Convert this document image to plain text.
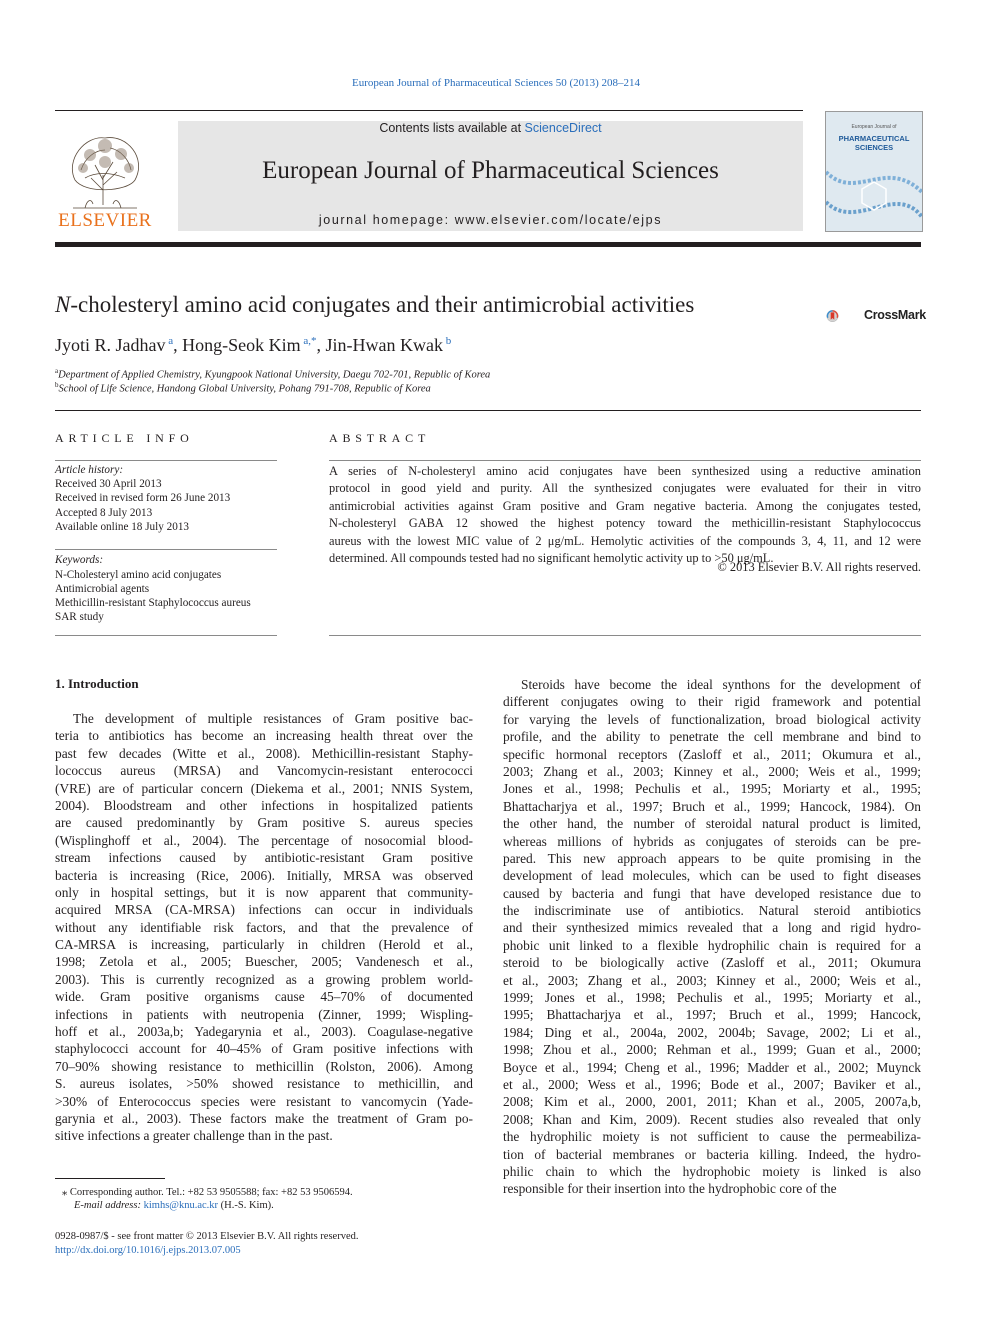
European Journal of Pharmaceutical Sciences 50 (2013) 208–214
ELSEVIER
Contents lists available at ScienceDirect
European Journal of Pharmaceutical Sciences
journal homepage: www.elsevier.com/locate/ejps
European Journal of
PHARMACEUTICAL SCIENCES
N-cholesteryl amino acid conjugates and their antimicrobial activities	CrossMark
Jyoti R. Jadhav $^a$, Hong-Seok Kim $^{a,*}$, Jin-Hwan Kwak $^b$
$^a$Department of Applied Chemistry, Kyungpook National University, Daegu 702-701, Republic of Korea
$^b$School of Life Science, Handong Global University, Pohang 791-708, Republic of Korea
ARTICLE INFO
Article history:
Received 30 April 2013
Received in revised form 26 June 2013
Accepted 8 July 2013
Available online 18 July 2013
Keywords:
N-Cholesteryl amino acid conjugates
Antimicrobial agents
Methicillin-resistant Staphylococcus aureus
SAR study
ABSTRACT
A series of N-cholesteryl amino acid conjugates have been synthesized using a reductive amination
protocol in good yield and purity. All the synthesized conjugates were evaluated for their in vitro
antimicrobial activities against Gram positive and Gram negative bacteria. Among the conjugates tested,
N-cholesteryl GABA 12 showed the highest potency toward the methicillin-resistant Staphylococcus
aureus with the lowest MIC value of 2 μg/mL. Hemolytic activities of the compounds 3, 4, 11, and 12 were
determined. All compounds tested had no significant hemolytic activity up to >50 μg/mL.
© 2013 Elsevier B.V. All rights reserved.
1. Introduction
The development of multiple resistances of Gram positive bac-
teria to antibiotics has become an increasing health threat over the
past few decades (Witte et al., 2008). Methicillin-resistant Staphy-
lococcus aureus (MRSA) and Vancomycin-resistant enterococci
(VRE) are of particular concern (Diekema et al., 2001; NNIS System,
2004). Bloodstream and other infections in hospitalized patients
are caused predominantly by Gram positive S. aureus species
(Wisplinghoff et al., 2004). The percentage of nosocomial blood-
stream infections caused by antibiotic-resistant Gram positive
bacteria is increasing (Rice, 2006). Initially, MRSA was observed
only in hospital settings, but it is now apparent that community-
acquired MRSA (CA-MRSA) infections can occur in individuals
without any identifiable risk factors, and that the prevalence of
CA-MRSA is increasing, particularly in children (Herold et al.,
1998; Zetola et al., 2005; Buescher, 2005; Vandenesch et al.,
2003). This is currently recognized as a growing problem world-
wide. Gram positive organisms cause 45–70% of documented
infections in patients with neutropenia (Zinner, 1999; Wispling-
hoff et al., 2003a,b; Yadegarynia et al., 2003). Coagulase-negative
staphylococci account for 40–45% of Gram positive infections with
70–90% showing resistance to methicillin (Rolston, 2006). Among
S. aureus isolates, >50% showed resistance to methicillin, and
>30% of Enterococcus species were resistant to vancomycin (Yade-
garynia et al., 2003). These factors make the treatment of Gram po-
sitive infections a greater challenge than in the past.
Steroids have become the ideal synthons for the development of
different conjugates owing to their rigid framework and potential
for varying the levels of functionalization, broad biological activity
profile, and the ability to penetrate the cell membrane and bind to
specific hormonal receptors (Zasloff et al., 2011; Okumura et al.,
2003; Zhang et al., 2003; Kinney et al., 2000; Weis et al., 1999;
Jones et al., 1998; Pechulis et al., 1995; Moriarty et al., 1995;
Bhattacharjya et al., 1997; Bruch et al., 1999; Hancock, 1984). On
the other hand, the number of steroidal natural product is limited,
whereas millions of hybrids as conjugates of steroids can be pre-
pared. This new approach appears to be quite promising in the
development of lead molecules, which can be used to fight diseases
caused by bacteria and fungi that have developed resistance due to
the indiscriminate use of antibiotics. Natural steroid antibiotics
and their synthesized mimics revealed that a long and rigid hydro-
phobic unit linked to a flexible hydrophilic chain is required for a
steroid to be biologically active (Zasloff et al., 2011; Okumura
et al., 2003; Zhang et al., 2003; Kinney et al., 2000; Weis et al.,
1999; Jones et al., 1998; Pechulis et al., 1995; Moriarty et al.,
1995; Bhattacharjya et al., 1997; Bruch et al., 1999; Hancock,
1984; Ding et al., 2004a, 2002, 2004b; Savage, 2002; Li et al.,
1998; Zhou et al., 2000; Rehman et al., 1999; Guan et al., 2000;
Boyce et al., 1994; Cheng et al., 1996; Madder et al., 2002; Muynck
et al., 2000; Wess et al., 1996; Bode et al., 2007; Baviker et al.,
2008; Kim et al., 2000, 2001, 2011; Khan et al., 2005, 2007a,b,
2008; Khan and Kim, 2009). Recent studies also revealed that only
the hydrophilic moiety is not sufficient to cause the permeabiliza-
tion of bacterial membranes or bacteria killing. Indeed, the hydro-
philic chain to which the hydrophobic moiety is linked is also
responsible for their insertion into the hydrophobic core of the
⁎ Corresponding author. Tel.: +82 53 9505588; fax: +82 53 9506594.
E-mail address: kimhs@knu.ac.kr (H.-S. Kim).
0928-0987/$ - see front matter © 2013 Elsevier B.V. All rights reserved.
http://dx.doi.org/10.1016/j.ejps.2013.07.005
